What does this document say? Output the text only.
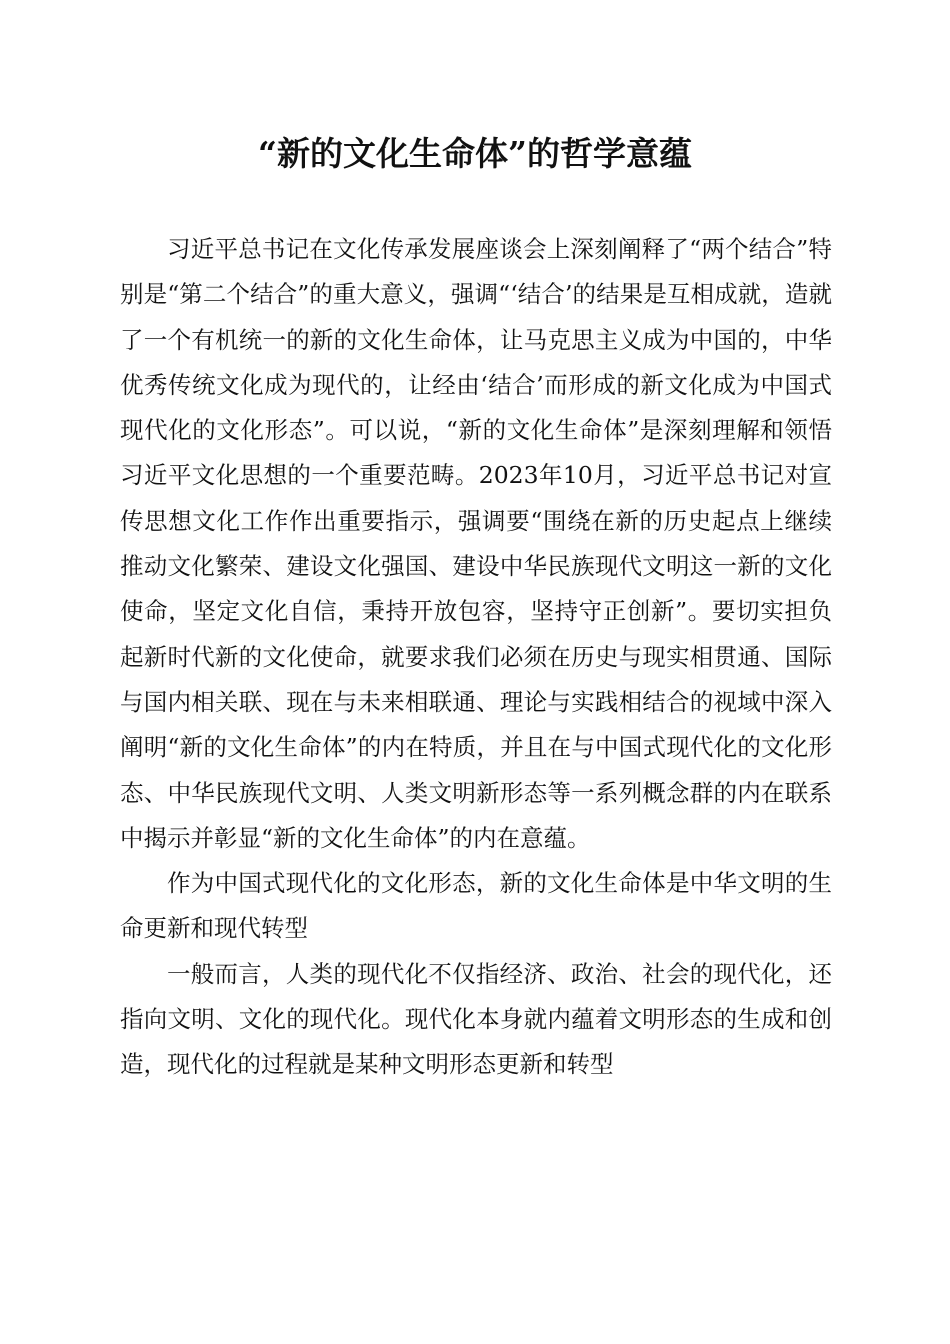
“新的文化生命体”的哲学意蕴

习近平总书记在文化传承发展座谈会上深刻阐释了“两个结合”特别是“第二个结合”的重大意义，强调“‘结合’的结果是互相成就，造就了一个有机统一的新的文化生命体，让马克思主义成为中国的，中华优秀传统文化成为现代的，让经由‘结合’而形成的新文化成为中国式现代化的文化形态”。可以说，“新的文化生命体”是深刻理解和领悟习近平文化思想的一个重要范畴。2023年10月，习近平总书记对宣传思想文化工作作出重要指示，强调要“围绕在新的历史起点上继续推动文化繁荣、建设文化强国、建设中华民族现代文明这一新的文化使命，坚定文化自信，秉持开放包容，坚持守正创新”。要切实担负起新时代新的文化使命，就要求我们必须在历史与现实相贯通、国际与国内相关联、现在与未来相联通、理论与实践相结合的视域中深入阐明“新的文化生命体”的内在特质，并且在与中国式现代化的文化形态、中华民族现代文明、人类文明新形态等一系列概念群的内在联系中揭示并彰显“新的文化生命体”的内在意蕴。

作为中国式现代化的文化形态，新的文化生命体是中华文明的生命更新和现代转型

一般而言，人类的现代化不仅指经济、政治、社会的现代化，还指向文明、文化的现代化。现代化本身就内蕴着文明形态的生成和创造，现代化的过程就是某种文明形态更新和转型
